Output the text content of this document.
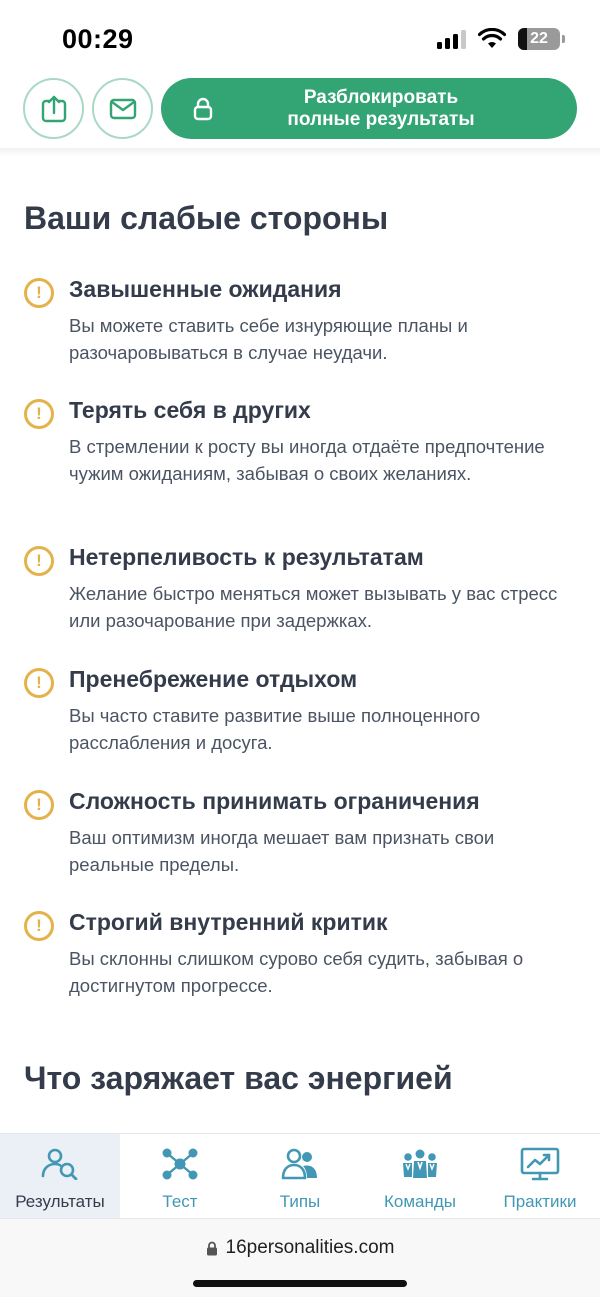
00:29	22
Разблокировать
полные результаты
Ваши слабые стороны
!	Завышенные ожидания
Вы можете ставить себе изнуряющие планы и разочаровываться в случае неудачи.
!	Терять себя в других
В стремлении к росту вы иногда отдаёте предпочтение чужим ожиданиям, забывая о своих желаниях.
!	Нетерпеливость к результатам
Желание быстро меняться может вызывать у вас стресс или разочарование при задержках.
!	Пренебрежение отдыхом
Вы часто ставите развитие выше полноценного расслабления и досуга.
!	Сложность принимать ограничения
Ваш оптимизм иногда мешает вам признать свои реальные пределы.
!	Строгий внутренний критик
Вы склонны слишком сурово себя судить, забывая о достигнутом прогрессе.
Что заряжает вас энергией
Результаты	Тест	Типы	Команды	Практики
16personalities.com
